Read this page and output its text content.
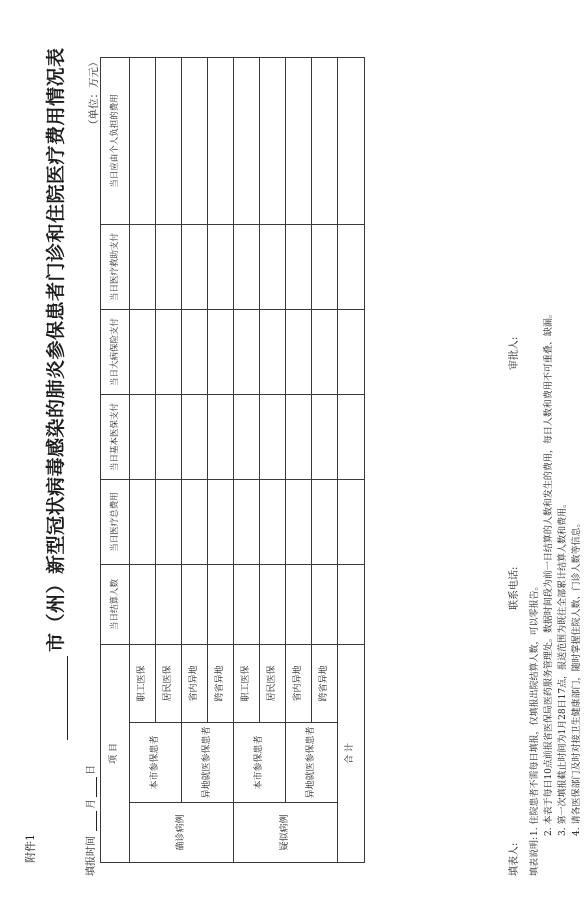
附件1
市（州）新型冠状病毒感染的肺炎参保患者门诊和住院医疗费用情况表
填报时间 月日
（单位：万元）
项 目			当日结算人数	当日医疗总费用	当日基本医保支付	当日大病保险支付	当日医疗救助支付	当日应由个人负担的费用
确诊病例	本市参保患者	职工医保						
		居民医保						
	异地就医参保患者	省内异地						
		跨省异地						
疑似病例	本市参保患者	职工医保						
		居民医保						
	异地就医参保患者	省内异地						
		跨省异地						
合 计								
填表人:
联系电话:
审批人:
填表说明:
1. 住院患者不需每日填报，仅填报出院结算人数，可以零报告。 2. 本表于每日10点前报省医保局医药服务管理处。数据时间段为前一日结算的人数和发生的费用，每日人数和费用不可重叠、缺漏。 3. 第一次填报截止时间为1月28日17点，报送范围为既往全部累计结算人数和费用。 4. 请各医保部门及时对接卫生健康部门，随时掌握住院人数、门诊人数等信息。
